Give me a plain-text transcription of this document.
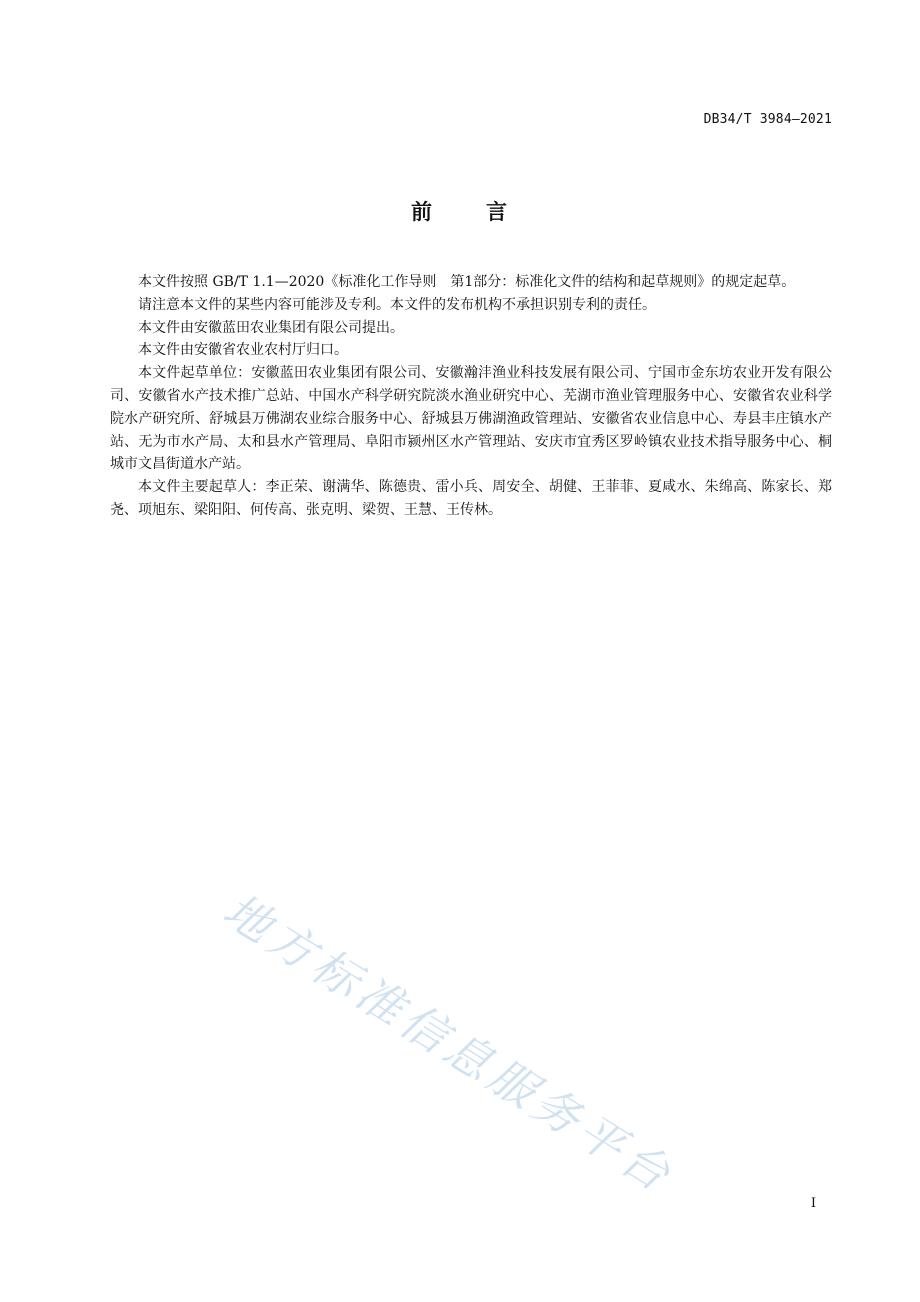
DB34/T 3984—2021
前 言

本文件按照 GB/T 1.1—2020《标准化工作导则　第1部分：标准化文件的结构和起草规则》的规定起草。

请注意本文件的某些内容可能涉及专利。本文件的发布机构不承担识别专利的责任。

本文件由安徽蓝田农业集团有限公司提出。

本文件由安徽省农业农村厅归口。

本文件起草单位：安徽蓝田农业集团有限公司、安徽瀚沣渔业科技发展有限公司、宁国市金东坊农业开发有限公司、安徽省水产技术推广总站、中国水产科学研究院淡水渔业研究中心、芜湖市渔业管理服务中心、安徽省农业科学院水产研究所、舒城县万佛湖农业综合服务中心、舒城县万佛湖渔政管理站、安徽省农业信息中心、寿县丰庄镇水产站、无为市水产局、太和县水产管理局、阜阳市颍州区水产管理站、安庆市宜秀区罗岭镇农业技术指导服务中心、桐城市文昌街道水产站。

本文件主要起草人：李正荣、谢满华、陈德贵、雷小兵、周安全、胡健、王菲菲、夏咸水、朱绵高、陈家长、郑尧、项旭东、梁阳阳、何传高、张克明、梁贺、王慧、王传林。

地方标准信息服务平台	I
